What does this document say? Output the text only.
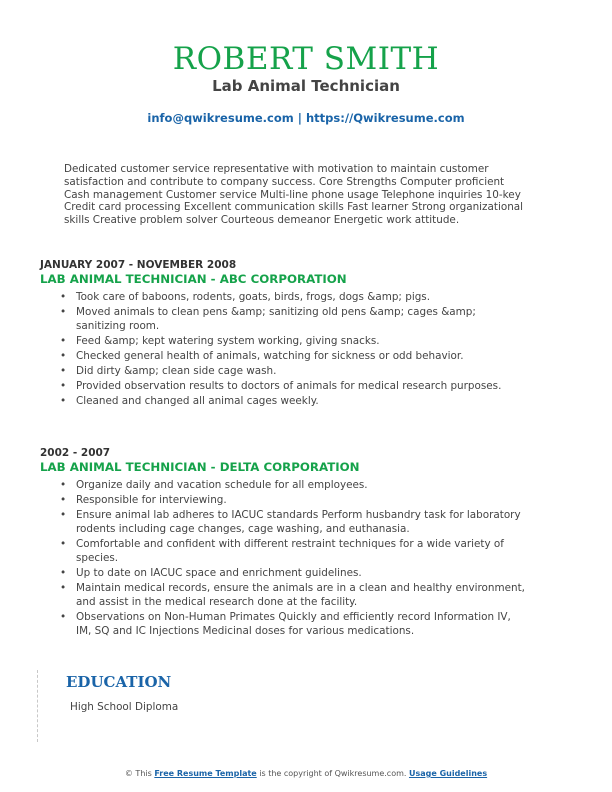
ROBERT SMITH
Lab Animal Technician
info@qwikresume.com | https://Qwikresume.com
Dedicated customer service representative with motivation to maintain customer satisfaction and contribute to company success. Core Strengths Computer proficient Cash management Customer service Multi-line phone usage Telephone inquiries 10-key Credit card processing Excellent communication skills Fast learner Strong organizational skills Creative problem solver Courteous demeanor Energetic work attitude.
JANUARY 2007 - NOVEMBER 2008
LAB ANIMAL TECHNICIAN - ABC CORPORATION
• Took care of baboons, rodents, goats, birds, frogs, dogs &amp; pigs.
• Moved animals to clean pens &amp; sanitizing old pens &amp; cages &amp; sanitizing room.
• Feed &amp; kept watering system working, giving snacks.
• Checked general health of animals, watching for sickness or odd behavior.
• Did dirty &amp; clean side cage wash.
• Provided observation results to doctors of animals for medical research purposes.
• Cleaned and changed all animal cages weekly.
2002 - 2007
LAB ANIMAL TECHNICIAN - DELTA CORPORATION
• Organize daily and vacation schedule for all employees.
• Responsible for interviewing.
• Ensure animal lab adheres to IACUC standards Perform husbandry task for laboratory rodents including cage changes, cage washing, and euthanasia.
• Comfortable and confident with different restraint techniques for a wide variety of species.
• Up to date on IACUC space and enrichment guidelines.
• Maintain medical records, ensure the animals are in a clean and healthy environment, and assist in the medical research done at the facility.
• Observations on Non-Human Primates Quickly and efficiently record Information IV, IM, SQ and IC Injections Medicinal doses for various medications.
EDUCATION
High School Diploma
© This Free Resume Template is the copyright of Qwikresume.com. Usage Guidelines
